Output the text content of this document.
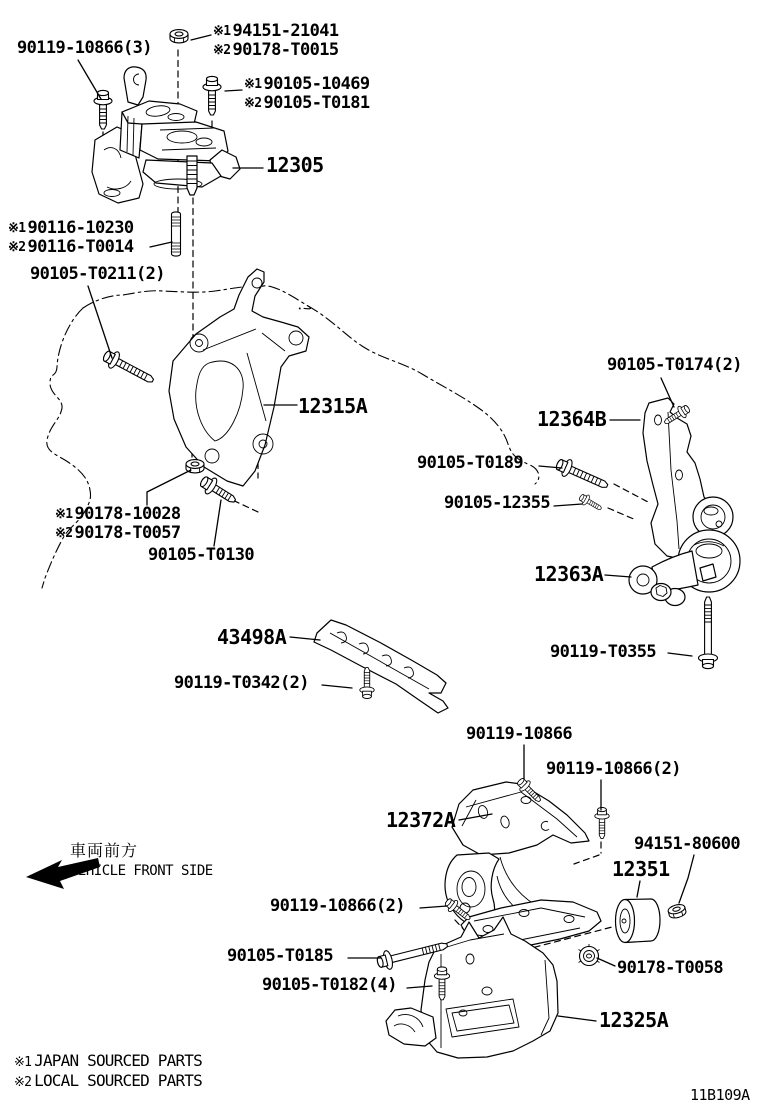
90119-10866(3)
※1 94151-21041
※2 90178-T0015
※1 90105-10469
※2 90105-T0181
12305
※1 90116-10230
※2 90116-T0014
90105-T0211(2)
12315A
※1 90178-10028
※2 90178-T0057
90105-T0130
90105-T0174(2)
12364B
90105-T0189
90105-12355
12363A
90119-T0355
43498A
90119-T0342(2)
90119-10866
90119-10866(2)
12372A
94151-80600
12351
90119-10866(2)
90105-T0185
90105-T0182(4)
90178-T0058
12325A
車両前方
VEHICLE FRONT SIDE
※1 JAPAN SOURCED PARTS
※2 LOCAL SOURCED PARTS
11B109A
